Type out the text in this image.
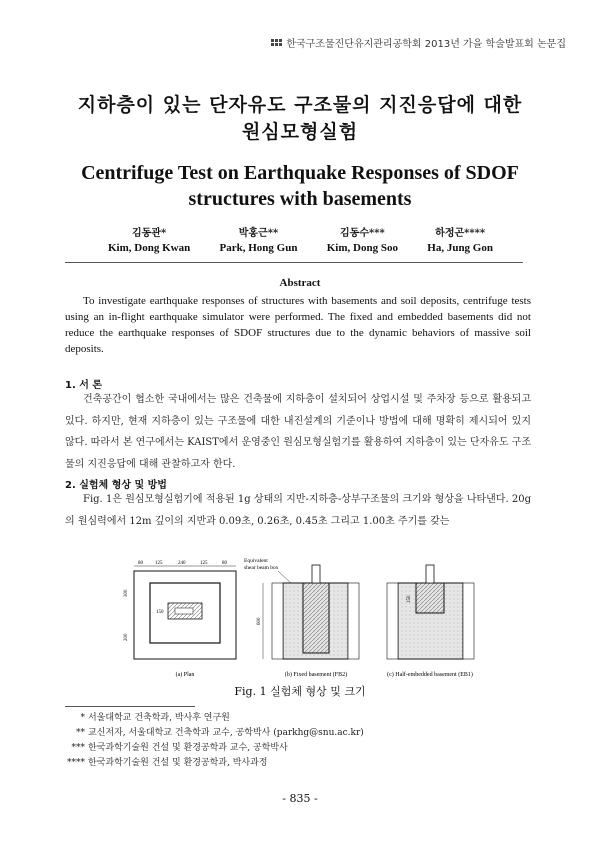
한국구조물진단유지관리공학회 2013년 가을 학술발표회 논문집
지하층이 있는 단자유도 구조물의 지진응답에 대한
원심모형실험
Centrifuge Test on Earthquake Responses of SDOF
structures with basements
김동관*
Kim, Dong Kwan
박홍근**
Park, Hong Gun
김동수***
Kim, Dong Soo
하정곤****
Ha, Jung Gon
Abstract
To investigate earthquake responses of structures with basements and soil deposits, centrifuge tests using an in-flight earthquake simulator were performed. The fixed and embedded basements did not reduce the earthquake responses of SDOF structures due to the dynamic behaviors of massive soil deposits.
1. 서 론
건축공간이 협소한 국내에서는 많은 건축물에 지하층이 설치되어 상업시설 및 주차장 등으로 활용되고 있다. 하지만, 현재 지하층이 있는 구조물에 대한 내진설계의 기준이나 방법에 대해 명확히 제시되어 있지 않다. 따라서 본 연구에서는 KAIST에서 운영중인 원심모형실험기를 활용하여 지하층이 있는 단자유도 구조물의 지진응답에 대해 관찰하고자 한다.
2. 실험체 형상 및 방법
Fig. 1은 원심모형실험기에 적용된 1g 상태의 지반-지하층-상부구조물의 크기와 형상을 나타낸다. 20g의 원심력에서 12m 깊이의 지반과 0.09초, 0.26초, 0.45초 그리고 1.00초 주기를 갖는
80 125	240	125	80
300
150
200
(a) Plan
Equivalent
shear beam box
600
(b) Fixed basement (FB2)
150
(c) Half-embedded basement (EB1)
Fig. 1 실험체 형상 및 크기
* 서울대학교 건축학과, 박사후 연구원
** 교신저자, 서울대학교 건축학과 교수, 공학박사 (parkhg@snu.ac.kr)
*** 한국과학기술원 건설 및 환경공학과 교수, 공학박사
**** 한국과학기술원 건설 및 환경공학과, 박사과정
- 835 -
